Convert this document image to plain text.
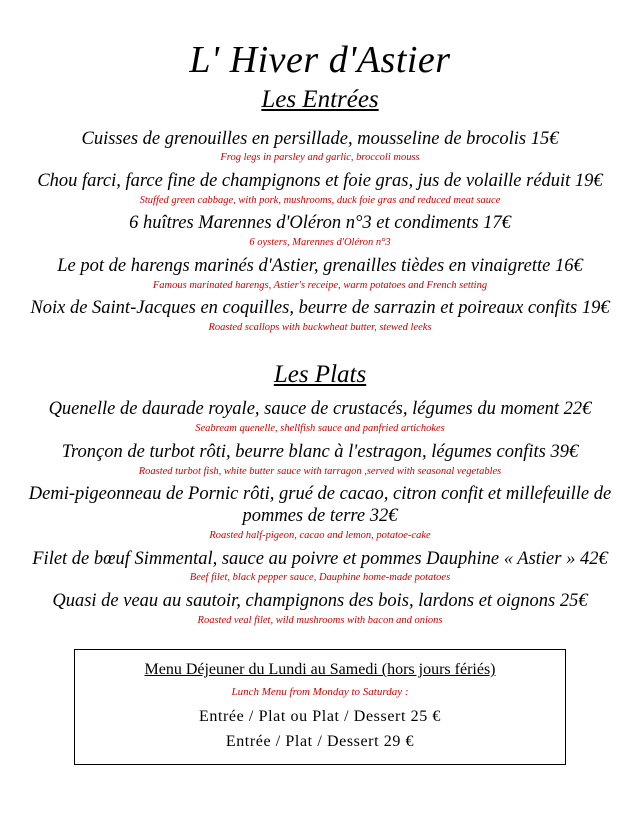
L' Hiver d'Astier
Les Entrées
Cuisses de grenouilles en persillade, mousseline de brocolis 15€
Frog legs in parsley and garlic, broccoli mouss
Chou farci, farce fine de champignons et foie gras, jus de volaille réduit 19€
Stuffed green cabbage, with pork, mushrooms, duck foie gras and reduced meat sauce
6 huîtres Marennes d'Oléron n°3 et condiments 17€
6 oysters, Marennes d'Oléron n°3
Le pot de harengs marinés d'Astier, grenailles tièdes en vinaigrette 16€
Famous marinated harengs, Astier's receipe, warm potatoes and French setting
Noix de Saint-Jacques en coquilles, beurre de sarrazin et poireaux confits 19€
Roasted scallops with buckwheat butter, stewed leeks
Les Plats
Quenelle de daurade royale, sauce de crustacés, légumes du moment 22€
Seabream quenelle, shellfish sauce and panfried artichokes
Tronçon de turbot rôti, beurre blanc à l'estragon, légumes confits 39€
Roasted turbot fish, white butter sauce with tarragon ,served with seasonal vegetables
Demi-pigeonneau de Pornic rôti, grué de cacao, citron confit et millefeuille de pommes de terre 32€
Roasted half-pigeon, cacao and lemon, potatoe-cake
Filet de bœuf Simmental, sauce au poivre et pommes Dauphine « Astier » 42€
Beef filet, black pepper sauce, Dauphine home-made potatoes
Quasi de veau au sautoir, champignons des bois, lardons et oignons 25€
Roasted veal filet, wild mushrooms with bacon and onions
Menu Déjeuner du Lundi au Samedi (hors jours fériés)
Lunch Menu from Monday to Saturday :
Entrée / Plat ou Plat / Dessert 25 €
Entrée / Plat / Dessert 29 €
